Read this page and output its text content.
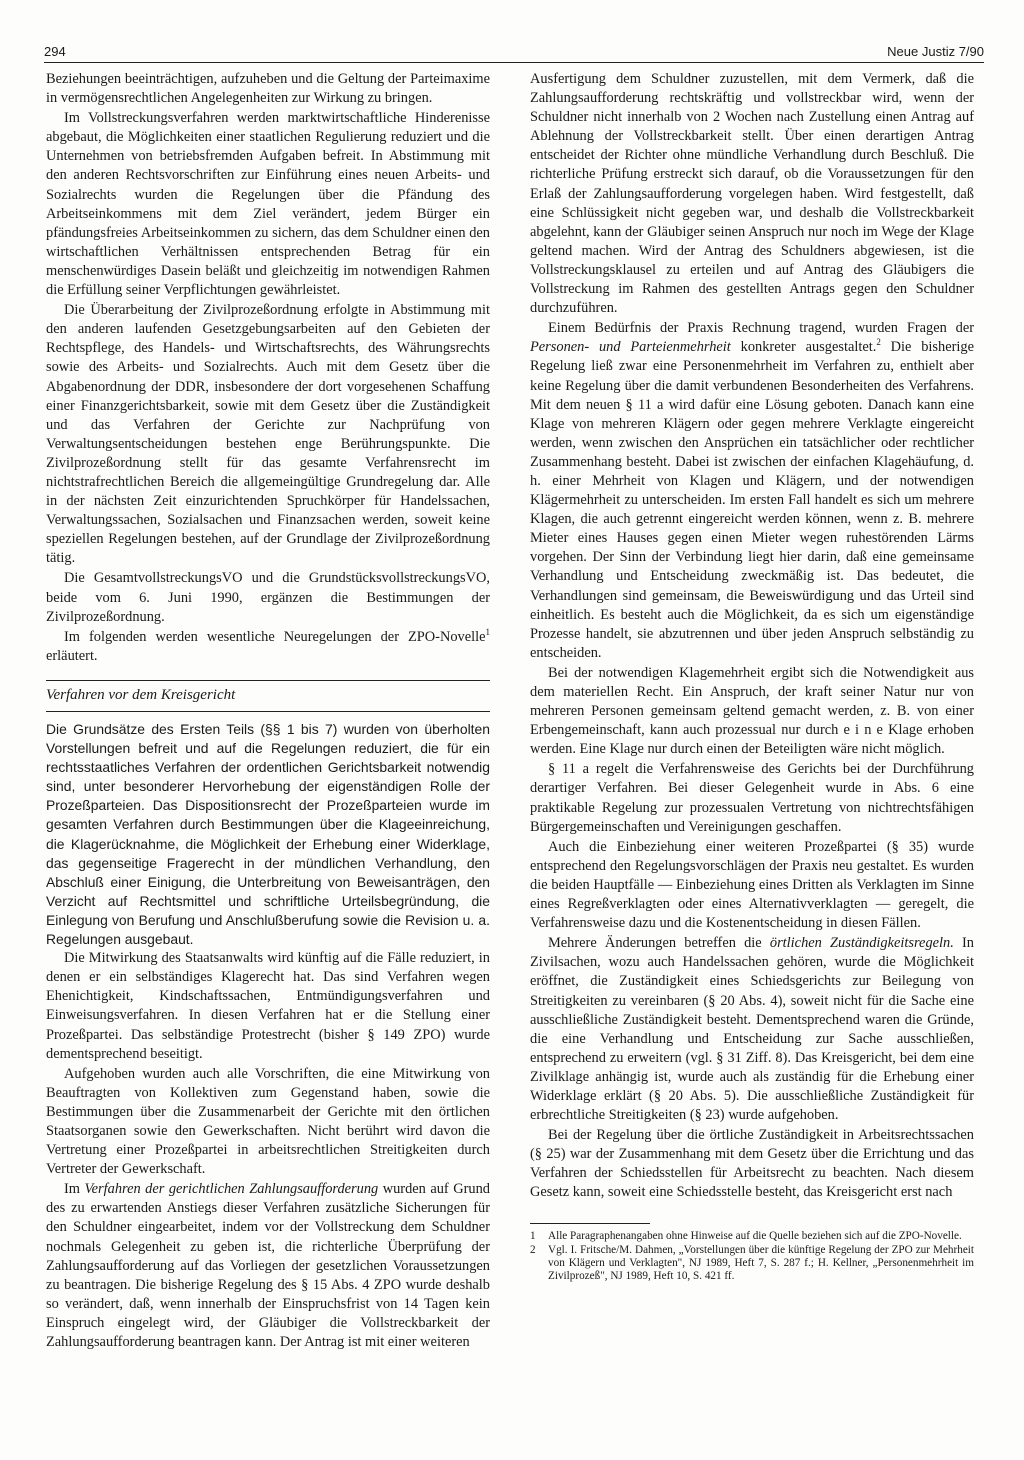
294	Neue Justiz 7/90

Beziehungen beeinträchtigen, aufzuheben und die Geltung der Parteimaxime in vermögensrechtlichen Angelegenheiten zur Wirkung zu bringen.

Im Vollstreckungsverfahren werden marktwirtschaftliche Hinderenisse abgebaut, die Möglichkeiten einer staatlichen Regulierung reduziert und die Unternehmen von betriebsfremden Aufgaben befreit. In Abstimmung mit den anderen Rechtsvorschriften zur Einführung eines neuen Arbeits- und Sozialrechts wurden die Regelungen über die Pfändung des Arbeitseinkommens mit dem Ziel verändert, jedem Bürger ein pfändungsfreies Arbeitseinkommen zu sichern, das dem Schuldner einen den wirtschaftlichen Verhältnissen entsprechenden Betrag für ein menschenwürdiges Dasein beläßt und gleichzeitig im notwendigen Rahmen die Erfüllung seiner Verpflichtungen gewährleistet.

Die Überarbeitung der Zivilprozeßordnung erfolgte in Abstimmung mit den anderen laufenden Gesetzgebungsarbeiten auf den Gebieten der Rechtspflege, des Handels- und Wirtschaftsrechts, des Währungsrechts sowie des Arbeits- und Sozialrechts. Auch mit dem Gesetz über die Abgabenordnung der DDR, insbesondere der dort vorgesehenen Schaffung einer Finanzgerichtsbarkeit, sowie mit dem Gesetz über die Zuständigkeit und das Verfahren der Gerichte zur Nachprüfung von Verwaltungsentscheidungen bestehen enge Berührungspunkte. Die Zivilprozeßordnung stellt für das gesamte Verfahrensrecht im nichtstrafrechtlichen Bereich die allgemeingültige Grundregelung dar. Alle in der nächsten Zeit einzurichtenden Spruchkörper für Handelssachen, Verwaltungssachen, Sozialsachen und Finanzsachen werden, soweit keine speziellen Regelungen bestehen, auf der Grundlage der Zivilprozeßordnung tätig.

Die GesamtvollstreckungsVO und die GrundstücksvollstreckungsVO, beide vom 6. Juni 1990, ergänzen die Bestimmungen der Zivilprozeßordnung.

Im folgenden werden wesentliche Neuregelungen der ZPO-Novelle$^1$ erläutert.

Verfahren vor dem Kreisgericht

Die Grundsätze des Ersten Teils (§§ 1 bis 7) wurden von überholten Vorstellungen befreit und auf die Regelungen reduziert, die für ein rechtsstaatliches Verfahren der ordentlichen Gerichtsbarkeit notwendig sind, unter besonderer Hervorhebung der eigenständigen Rolle der Prozeßparteien. Das Dispositionsrecht der Prozeßparteien wurde im gesamten Verfahren durch Bestimmungen über die Klageeinreichung, die Klagerücknahme, die Möglichkeit der Erhebung einer Widerklage, das gegenseitige Fragerecht in der mündlichen Verhandlung, den Abschluß einer Einigung, die Unterbreitung von Beweisanträgen, den Verzicht auf Rechtsmittel und schriftliche Urteilsbegründung, die Einlegung von Berufung und Anschlußberufung sowie die Revision u. a. Regelungen ausgebaut.

Die Mitwirkung des Staatsanwalts wird künftig auf die Fälle reduziert, in denen er ein selbständiges Klagerecht hat. Das sind Verfahren wegen Ehenichtigkeit, Kindschaftssachen, Entmündigungsverfahren und Einweisungsverfahren. In diesen Verfahren hat er die Stellung einer Prozeßpartei. Das selbständige Protestrecht (bisher § 149 ZPO) wurde dementsprechend beseitigt.

Aufgehoben wurden auch alle Vorschriften, die eine Mitwirkung von Beauftragten von Kollektiven zum Gegenstand haben, sowie die Bestimmungen über die Zusammenarbeit der Gerichte mit den örtlichen Staatsorganen sowie den Gewerkschaften. Nicht berührt wird davon die Vertretung einer Prozeßpartei in arbeitsrechtlichen Streitigkeiten durch Vertreter der Gewerkschaft.

Im Verfahren der gerichtlichen Zahlungsaufforderung wurden auf Grund des zu erwartenden Anstiegs dieser Verfahren zusätzliche Sicherungen für den Schuldner eingearbeitet, indem vor der Vollstreckung dem Schuldner nochmals Gelegenheit zu geben ist, die richterliche Überprüfung der Zahlungsaufforderung auf das Vorliegen der gesetzlichen Voraussetzungen zu beantragen. Die bisherige Regelung des § 15 Abs. 4 ZPO wurde deshalb so verändert, daß, wenn innerhalb der Einspruchsfrist von 14 Tagen kein Einspruch eingelegt wird, der Gläubiger die Vollstreckbarkeit der Zahlungsaufforderung beantragen kann. Der Antrag ist mit einer weiteren

Ausfertigung dem Schuldner zuzustellen, mit dem Vermerk, daß die Zahlungsaufforderung rechtskräftig und vollstreckbar wird, wenn der Schuldner nicht innerhalb von 2 Wochen nach Zustellung einen Antrag auf Ablehnung der Vollstreckbarkeit stellt. Über einen derartigen Antrag entscheidet der Richter ohne mündliche Verhandlung durch Beschluß. Die richterliche Prüfung erstreckt sich darauf, ob die Voraussetzungen für den Erlaß der Zahlungsaufforderung vorgelegen haben. Wird festgestellt, daß eine Schlüssigkeit nicht gegeben war, und deshalb die Vollstreckbarkeit abgelehnt, kann der Gläubiger seinen Anspruch nur noch im Wege der Klage geltend machen. Wird der Antrag des Schuldners abgewiesen, ist die Vollstreckungsklausel zu erteilen und auf Antrag des Gläubigers die Vollstreckung im Rahmen des gestellten Antrags gegen den Schuldner durchzuführen.

Einem Bedürfnis der Praxis Rechnung tragend, wurden Fragen der Personen- und Parteienmehrheit konkreter ausgestaltet.$^2$ Die bisherige Regelung ließ zwar eine Personenmehrheit im Verfahren zu, enthielt aber keine Regelung über die damit verbundenen Besonderheiten des Verfahrens. Mit dem neuen § 11 a wird dafür eine Lösung geboten. Danach kann eine Klage von mehreren Klägern oder gegen mehrere Verklagte eingereicht werden, wenn zwischen den Ansprüchen ein tatsächlicher oder rechtlicher Zusammenhang besteht. Dabei ist zwischen der einfachen Klagehäufung, d. h. einer Mehrheit von Klagen und Klägern, und der notwendigen Klägermehrheit zu unterscheiden. Im ersten Fall handelt es sich um mehrere Klagen, die auch getrennt eingereicht werden können, wenn z. B. mehrere Mieter eines Hauses gegen einen Mieter wegen ruhestörenden Lärms vorgehen. Der Sinn der Verbindung liegt hier darin, daß eine gemeinsame Verhandlung und Entscheidung zweckmäßig ist. Das bedeutet, die Verhandlungen sind gemeinsam, die Beweiswürdigung und das Urteil sind einheitlich. Es besteht auch die Möglichkeit, da es sich um eigenständige Prozesse handelt, sie abzutrennen und über jeden Anspruch selbständig zu entscheiden.

Bei der notwendigen Klagemehrheit ergibt sich die Notwendigkeit aus dem materiellen Recht. Ein Anspruch, der kraft seiner Natur nur von mehreren Personen gemeinsam geltend gemacht werden, z. B. von einer Erbengemeinschaft, kann auch prozessual nur durch e i n e Klage erhoben werden. Eine Klage nur durch einen der Beteiligten wäre nicht möglich.

§ 11 a regelt die Verfahrensweise des Gerichts bei der Durchführung derartiger Verfahren. Bei dieser Gelegenheit wurde in Abs. 6 eine praktikable Regelung zur prozessualen Vertretung von nichtrechtsfähigen Bürgergemeinschaften und Vereinigungen geschaffen.

Auch die Einbeziehung einer weiteren Prozeßpartei (§ 35) wurde entsprechend den Regelungsvorschlägen der Praxis neu gestaltet. Es wurden die beiden Hauptfälle — Einbeziehung eines Dritten als Verklagten im Sinne eines Regreßverklagten oder eines Alternativverklagten — geregelt, die Verfahrensweise dazu und die Kostenentscheidung in diesen Fällen.

Mehrere Änderungen betreffen die örtlichen Zuständigkeitsregeln. In Zivilsachen, wozu auch Handelssachen gehören, wurde die Möglichkeit eröffnet, die Zuständigkeit eines Schiedsgerichts zur Beilegung von Streitigkeiten zu vereinbaren (§ 20 Abs. 4), soweit nicht für die Sache eine ausschließliche Zuständigkeit besteht. Dementsprechend waren die Gründe, die eine Verhandlung und Entscheidung zur Sache ausschließen, entsprechend zu erweitern (vgl. § 31 Ziff. 8). Das Kreisgericht, bei dem eine Zivilklage anhängig ist, wurde auch als zuständig für die Erhebung einer Widerklage erklärt (§ 20 Abs. 5). Die ausschließliche Zuständigkeit für erbrechtliche Streitigkeiten (§ 23) wurde aufgehoben.

Bei der Regelung über die örtliche Zuständigkeit in Arbeitsrechtssachen (§ 25) war der Zusammenhang mit dem Gesetz über die Errichtung und das Verfahren der Schiedsstellen für Arbeitsrecht zu beachten. Nach diesem Gesetz kann, soweit eine Schiedsstelle besteht, das Kreisgericht erst nach

1	Alle Paragraphenangaben ohne Hinweise auf die Quelle beziehen sich auf die ZPO-Novelle.
2	Vgl. I. Fritsche/M. Dahmen, „Vorstellungen über die künftige Regelung der ZPO zur Mehrheit von Klägern und Verklagten", NJ 1989, Heft 7, S. 287 f.; H. Kellner, „Personenmehrheit im Zivilprozeß", NJ 1989, Heft 10, S. 421 ff.
